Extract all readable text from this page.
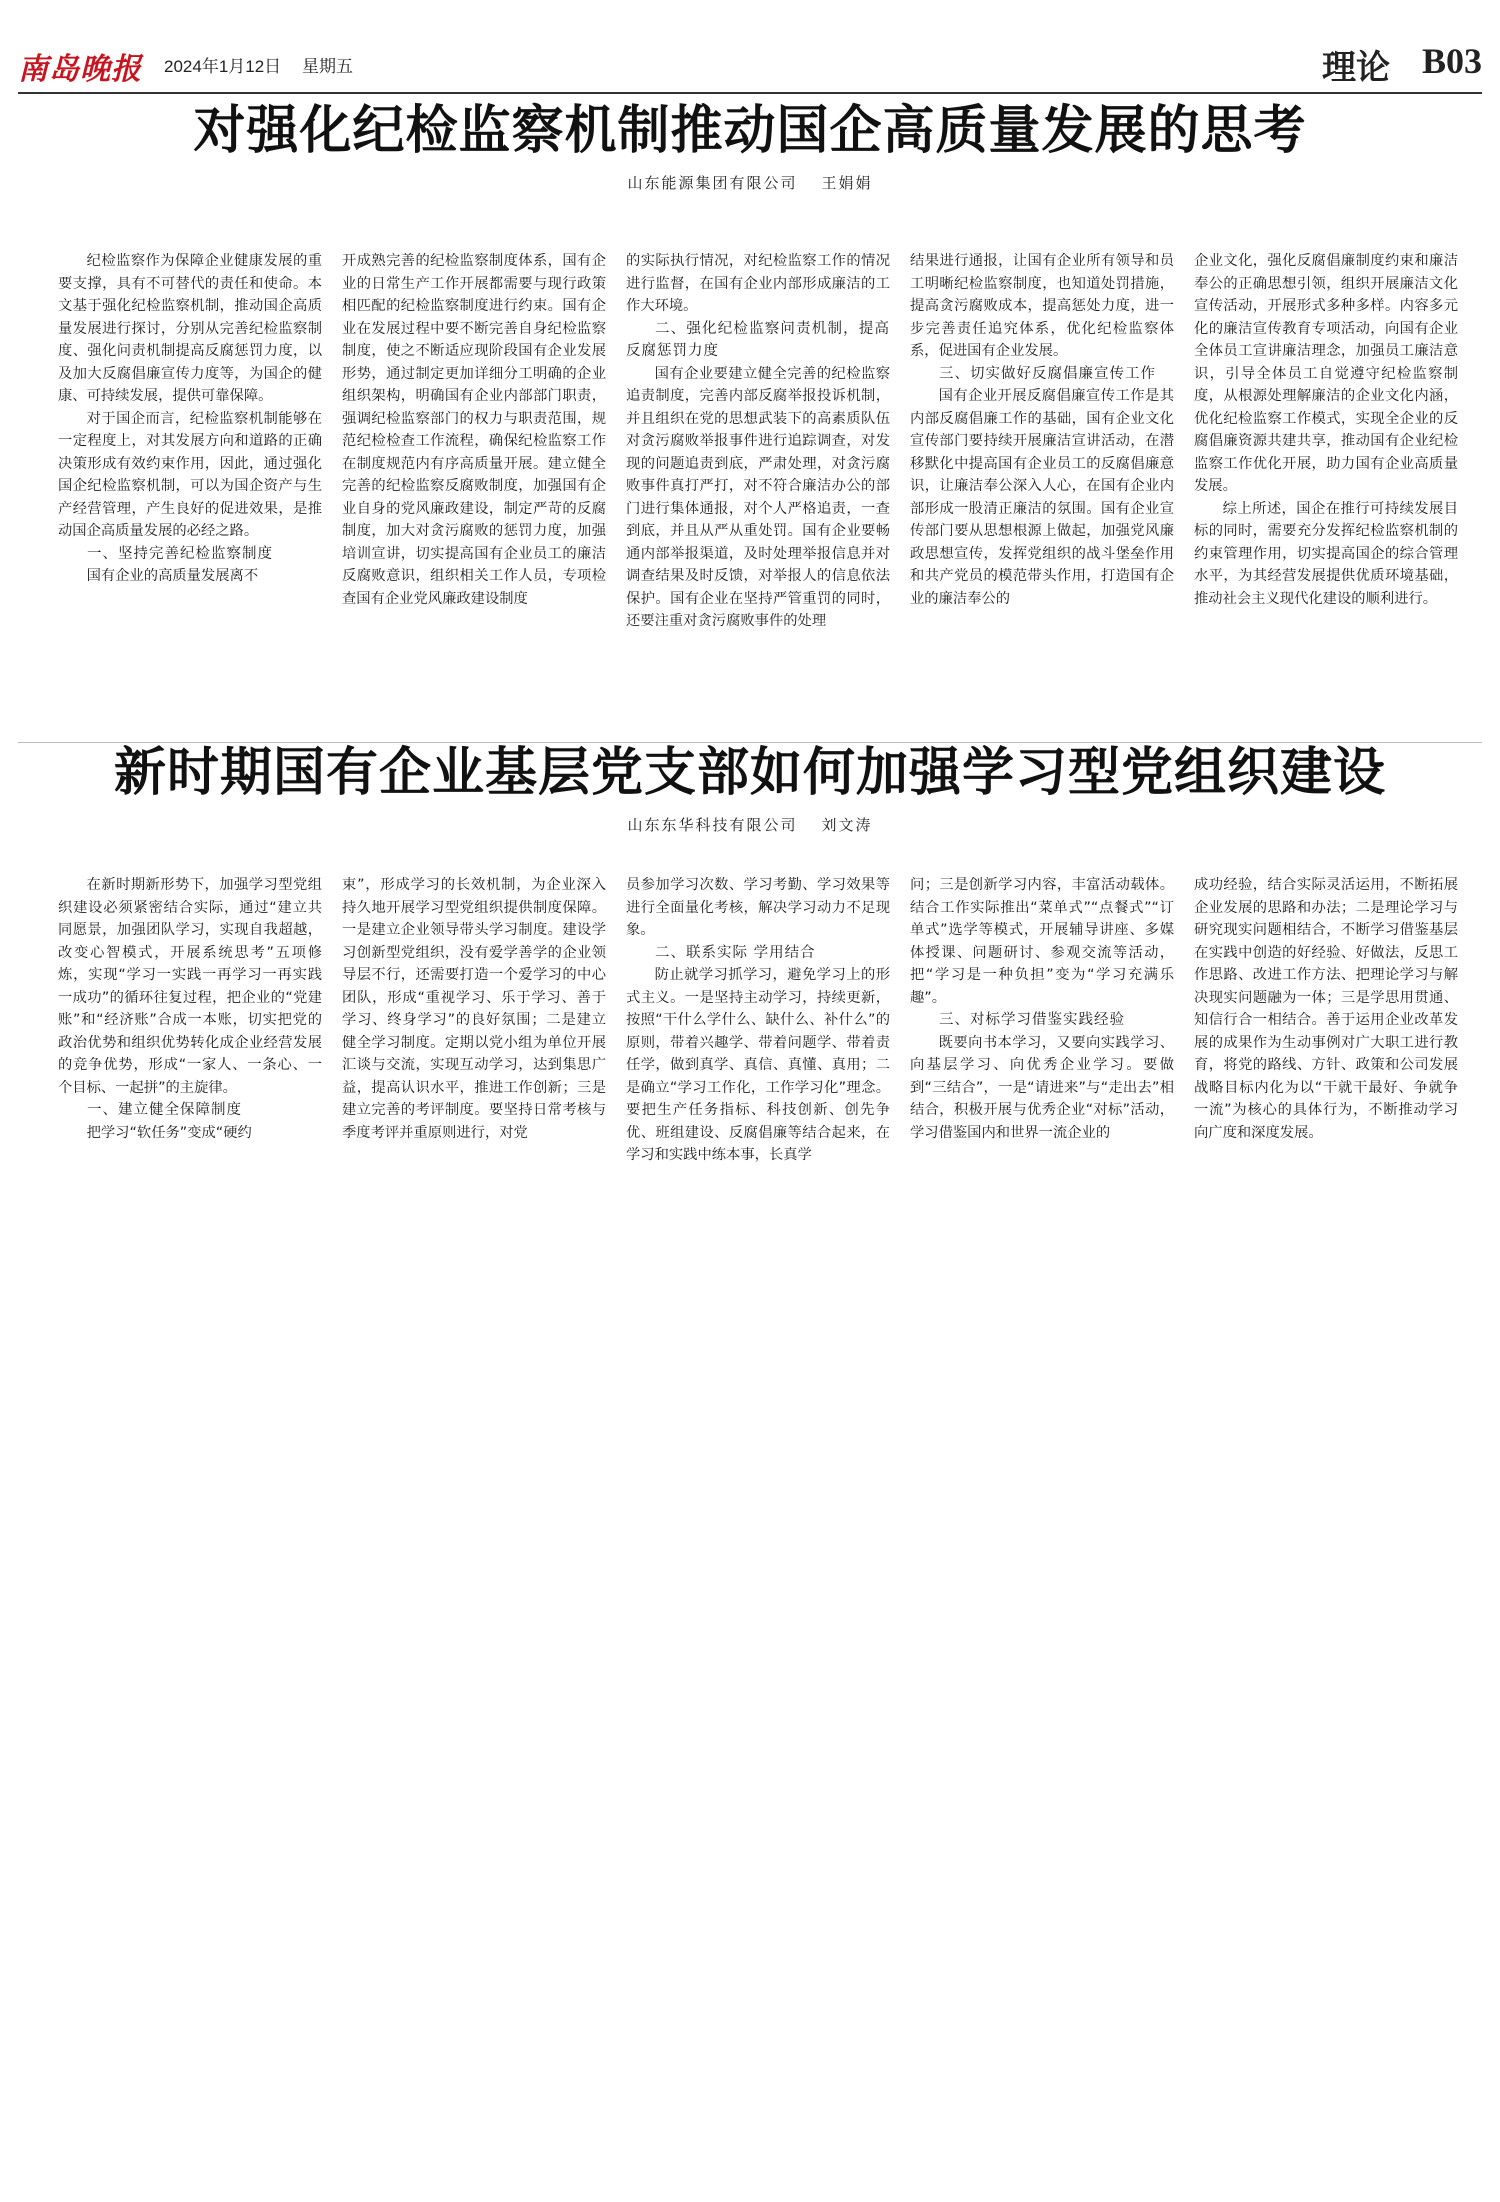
南岛晚报 2024年1月12日 星期五	理论 B03
对强化纪检监察机制推动国企高质量发展的思考
山东能源集团有限公司 王娟娟

纪检监察作为保障企业健康发展的重要支撑，具有不可替代的责任和使命。本文基于强化纪检监察机制，推动国企高质量发展进行探讨，分别从完善纪检监察制度、强化问责机制提高反腐惩罚力度，以及加大反腐倡廉宣传力度等，为国企的健康、可持续发展，提供可靠保障。

对于国企而言，纪检监察机制能够在一定程度上，对其发展方向和道路的正确决策形成有效约束作用，因此，通过强化国企纪检监察机制，可以为国企资产与生产经营管理，产生良好的促进效果，是推动国企高质量发展的必经之路。

一、坚持完善纪检监察制度

国有企业的高质量发展离不

开成熟完善的纪检监察制度体系，国有企业的日常生产工作开展都需要与现行政策相匹配的纪检监察制度进行约束。国有企业在发展过程中要不断完善自身纪检监察制度，使之不断适应现阶段国有企业发展形势，通过制定更加详细分工明确的企业组织架构，明确国有企业内部部门职责，强调纪检监察部门的权力与职责范围，规范纪检检查工作流程，确保纪检监察工作在制度规范内有序高质量开展。建立健全完善的纪检监察反腐败制度，加强国有企业自身的党风廉政建设，制定严苛的反腐制度，加大对贪污腐败的惩罚力度，加强培训宣讲，切实提高国有企业员工的廉洁反腐败意识，组织相关工作人员，专项检查国有企业党风廉政建设制度

的实际执行情况，对纪检监察工作的情况进行监督，在国有企业内部形成廉洁的工作大环境。

二、强化纪检监察问责机制，提高反腐惩罚力度

国有企业要建立健全完善的纪检监察追责制度，完善内部反腐举报投诉机制，并且组织在党的思想武装下的高素质队伍对贪污腐败举报事件进行追踪调查，对发现的问题追责到底，严肃处理，对贪污腐败事件真打严打，对不符合廉洁办公的部门进行集体通报，对个人严格追责，一查到底，并且从严从重处罚。国有企业要畅通内部举报渠道，及时处理举报信息并对调查结果及时反馈，对举报人的信息依法保护。国有企业在坚持严管重罚的同时，还要注重对贪污腐败事件的处理

结果进行通报，让国有企业所有领导和员工明晰纪检监察制度，也知道处罚措施，提高贪污腐败成本，提高惩处力度，进一步完善责任追究体系，优化纪检监察体系，促进国有企业发展。

三、切实做好反腐倡廉宣传工作

国有企业开展反腐倡廉宣传工作是其内部反腐倡廉工作的基础，国有企业文化宣传部门要持续开展廉洁宣讲活动，在潜移默化中提高国有企业员工的反腐倡廉意识，让廉洁奉公深入人心，在国有企业内部形成一股清正廉洁的氛围。国有企业宣传部门要从思想根源上做起，加强党风廉政思想宣传，发挥党组织的战斗堡垒作用和共产党员的模范带头作用，打造国有企业的廉洁奉公的

企业文化，强化反腐倡廉制度约束和廉洁奉公的正确思想引领，组织开展廉洁文化宣传活动，开展形式多种多样。内容多元化的廉洁宣传教育专项活动，向国有企业全体员工宣讲廉洁理念，加强员工廉洁意识，引导全体员工自觉遵守纪检监察制度，从根源处理解廉洁的企业文化内涵，优化纪检监察工作模式，实现全企业的反腐倡廉资源共建共享，推动国有企业纪检监察工作优化开展，助力国有企业高质量发展。

综上所述，国企在推行可持续发展目标的同时，需要充分发挥纪检监察机制的约束管理作用，切实提高国企的综合管理水平，为其经营发展提供优质环境基础，推动社会主义现代化建设的顺利进行。

新时期国有企业基层党支部如何加强学习型党组织建设
山东东华科技有限公司 刘文涛

在新时期新形势下，加强学习型党组织建设必须紧密结合实际，通过“建立共同愿景，加强团队学习，实现自我超越，改变心智模式，开展系统思考”五项修炼，实现“学习一实践一再学习一再实践一成功”的循环往复过程，把企业的“党建账”和“经济账”合成一本账，切实把党的政治优势和组织优势转化成企业经营发展的竞争优势，形成“一家人、一条心、一个目标、一起拼”的主旋律。

一、建立健全保障制度

把学习“软任务”变成“硬约

束”，形成学习的长效机制，为企业深入持久地开展学习型党组织提供制度保障。一是建立企业领导带头学习制度。建设学习创新型党组织，没有爱学善学的企业领导层不行，还需要打造一个爱学习的中心团队，形成“重视学习、乐于学习、善于学习、终身学习”的良好氛围；二是建立健全学习制度。定期以党小组为单位开展汇谈与交流，实现互动学习，达到集思广益，提高认识水平，推进工作创新；三是建立完善的考评制度。要坚持日常考核与季度考评并重原则进行，对党

员参加学习次数、学习考勤、学习效果等进行全面量化考核，解决学习动力不足现象。

二、联系实际 学用结合

防止就学习抓学习，避免学习上的形式主义。一是坚持主动学习，持续更新，按照“干什么学什么、缺什么、补什么”的原则，带着兴趣学、带着问题学、带着责任学，做到真学、真信、真懂、真用；二是确立“学习工作化，工作学习化”理念。要把生产任务指标、科技创新、创先争优、班组建设、反腐倡廉等结合起来，在学习和实践中练本事，长真学

问；三是创新学习内容，丰富活动载体。结合工作实际推出“菜单式”“点餐式”“订单式”选学等模式，开展辅导讲座、多媒体授课、问题研讨、参观交流等活动，把“学习是一种负担”变为“学习充满乐趣”。

三、对标学习借鉴实践经验

既要向书本学习，又要向实践学习、向基层学习、向优秀企业学习。要做到“三结合”，一是“请进来”与“走出去”相结合，积极开展与优秀企业“对标”活动，学习借鉴国内和世界一流企业的

成功经验，结合实际灵活运用，不断拓展企业发展的思路和办法；二是理论学习与研究现实问题相结合，不断学习借鉴基层在实践中创造的好经验、好做法，反思工作思路、改进工作方法、把理论学习与解决现实问题融为一体；三是学思用贯通、知信行合一相结合。善于运用企业改革发展的成果作为生动事例对广大职工进行教育，将党的路线、方针、政策和公司发展战略目标内化为以“干就干最好、争就争一流”为核心的具体行为，不断推动学习向广度和深度发展。
